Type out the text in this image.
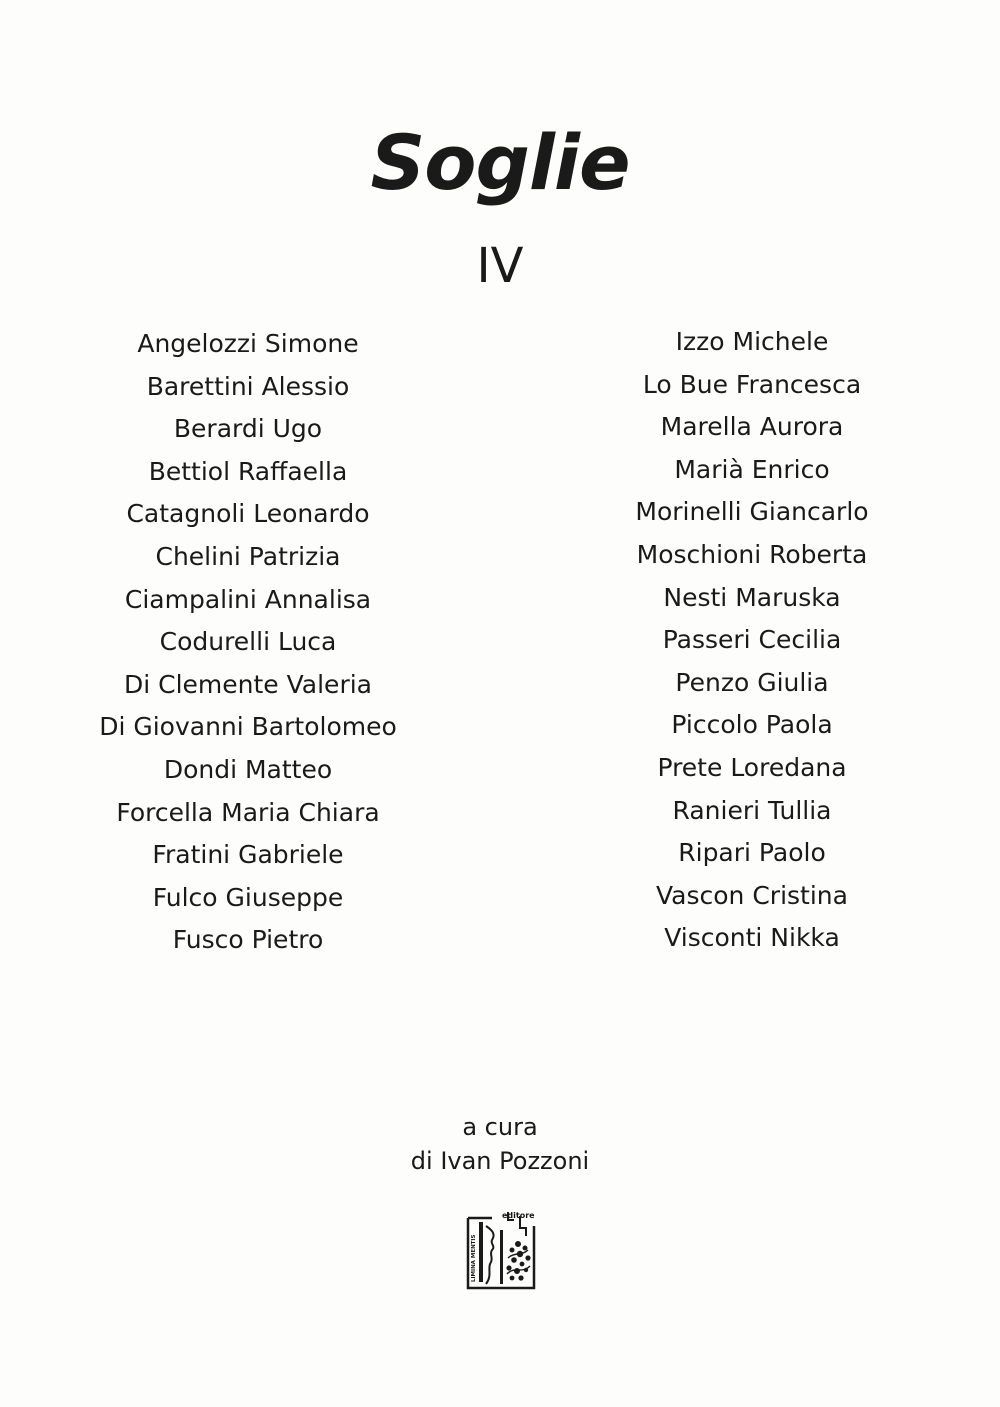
Soglie
IV
Angelozzi Simone
Barettini Alessio
Berardi Ugo
Bettiol Raffaella
Catagnoli Leonardo
Chelini Patrizia
Ciampalini Annalisa
Codurelli Luca
Di Clemente Valeria
Di Giovanni Bartolomeo
Dondi Matteo
Forcella Maria Chiara
Fratini Gabriele
Fulco Giuseppe
Fusco Pietro
Izzo Michele
Lo Bue Francesca
Marella Aurora
Marià Enrico
Morinelli Giancarlo
Moschioni Roberta
Nesti Maruska
Passeri Cecilia
Penzo Giulia
Piccolo Paola
Prete Loredana
Ranieri Tullia
Ripari Paolo
Vascon Cristina
Visconti Nikka
a cura
di Ivan Pozzoni
editore
LIMINA MENTIS
